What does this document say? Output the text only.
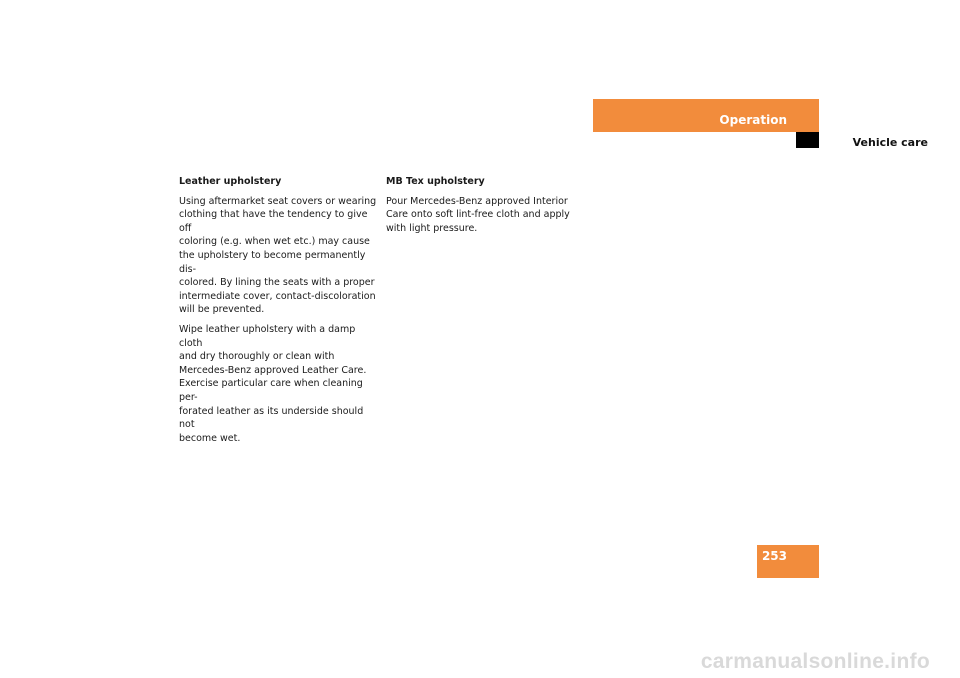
Operation
Vehicle care
Leather upholstery

Using aftermarket seat covers or wearing
clothing that have the tendency to give off
coloring (e.g. when wet etc.) may cause
the upholstery to become permanently dis-
colored. By lining the seats with a proper
intermediate cover, contact-discoloration
will be prevented.

Wipe leather upholstery with a damp cloth
and dry thoroughly or clean with
Mercedes-Benz approved Leather Care.
Exercise particular care when cleaning per-
forated leather as its underside should not
become wet.

MB Tex upholstery

Pour Mercedes-Benz approved Interior
Care onto soft lint-free cloth and apply
with light pressure.

253
carmanualsonline.info
